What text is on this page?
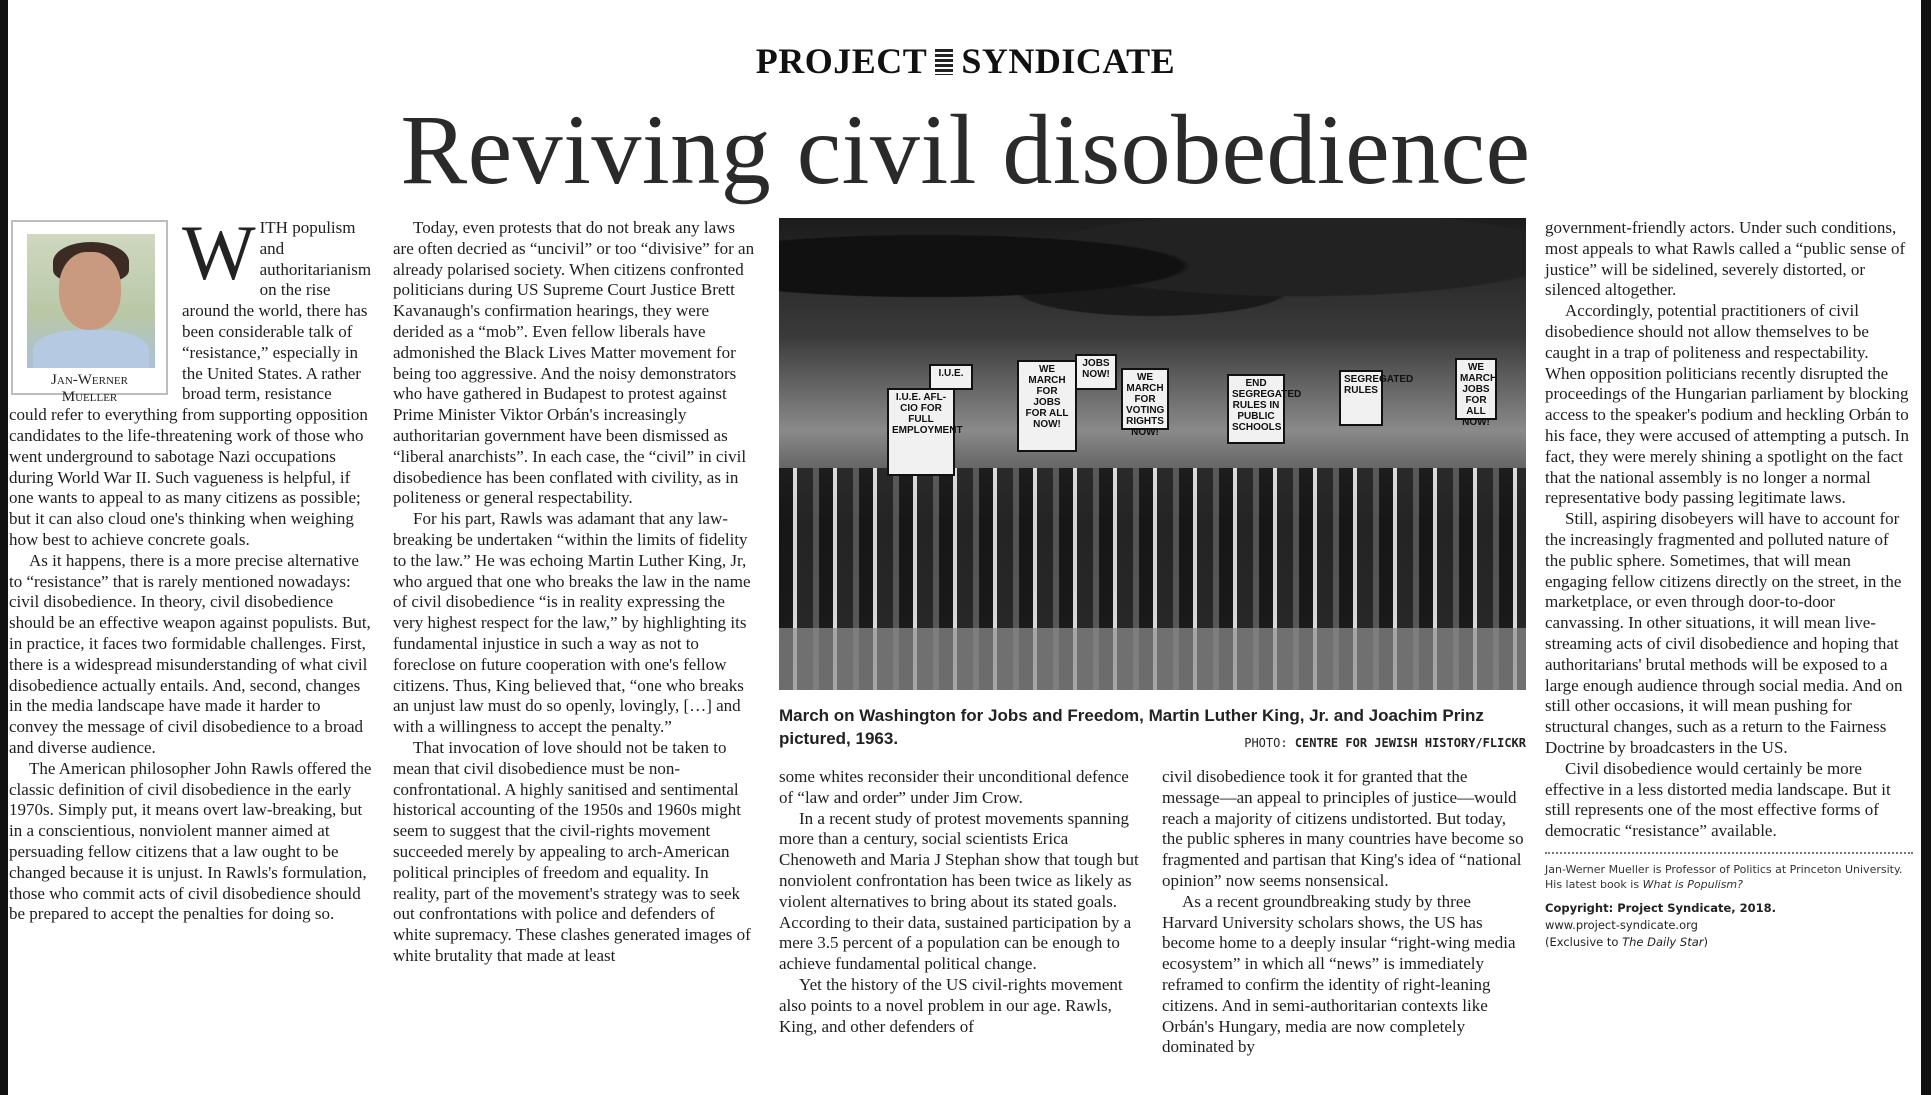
PROJECT SYNDICATE
Reviving civil disobedience
Jan-Werner
Mueller

WITH populism and authoritarianism on the rise around the world, there has been considerable talk of “resistance,” especially in the United States. A rather broad term, resistance could refer to everything from supporting opposition candidates to the life-threatening work of those who went underground to sabotage Nazi occupations during World War II. Such vagueness is helpful, if one wants to appeal to as many citizens as possible; but it can also cloud one's thinking when weighing how best to achieve concrete goals.

As it happens, there is a more precise alternative to “resistance” that is rarely mentioned nowadays: civil disobedience. In theory, civil disobedience should be an effective weapon against populists. But, in practice, it faces two formidable challenges. First, there is a widespread misunderstanding of what civil disobedience actually entails. And, second, changes in the media landscape have made it harder to convey the message of civil disobedience to a broad and diverse audience.

The American philosopher John Rawls offered the classic definition of civil disobedience in the early 1970s. Simply put, it means overt law-breaking, but in a conscientious, nonviolent manner aimed at persuading fellow citizens that a law ought to be changed because it is unjust. In Rawls's formulation, those who commit acts of civil disobedience should be prepared to accept the penalties for doing so.

Today, even protests that do not break any laws are often decried as “uncivil” or too “divisive” for an already polarised society. When citizens confronted politicians during US Supreme Court Justice Brett Kavanaugh's confirmation hearings, they were derided as a “mob”. Even fellow liberals have admonished the Black Lives Matter movement for being too aggressive. And the noisy demonstrators who have gathered in Budapest to protest against Prime Minister Viktor Orbán's increasingly authoritarian government have been dismissed as “liberal anarchists”. In each case, the “civil” in civil disobedience has been conflated with civility, as in politeness or general respectability.

For his part, Rawls was adamant that any law-breaking be undertaken “within the limits of fidelity to the law.” He was echoing Martin Luther King, Jr, who argued that one who breaks the law in the name of civil disobedience “is in reality expressing the very highest respect for the law,” by highlighting its fundamental injustice in such a way as not to foreclose on future cooperation with one's fellow citizens. Thus, King believed that, “one who breaks an unjust law must do so openly, lovingly, […] and with a willingness to accept the penalty.”

That invocation of love should not be taken to mean that civil disobedience must be non-confrontational. A highly sanitised and sentimental historical accounting of the 1950s and 1960s might seem to suggest that the civil-rights movement succeeded merely by appealing to arch-American political principles of freedom and equality. In reality, part of the movement's strategy was to seek out confrontations with police and defenders of white supremacy. These clashes generated images of white brutality that made at least

WE MARCH FOR JOBS FOR ALL NOW!
I.U.E. AFL-CIO FOR FULL EMPLOYMENT
WE MARCH JOBS FOR ALL NOW!
END SEGREGATED RULES IN PUBLIC SCHOOLS
WE MARCH FOR VOTING RIGHTS NOW!
I.U.E.
JOBS NOW!	SEGREGATED RULES
March on Washington for Jobs and Freedom, Martin Luther King, Jr. and Joachim Prinz pictured, 1963.	PHOTO: CENTRE FOR JEWISH HISTORY/FLICKR

some whites reconsider their unconditional defence of “law and order” under Jim Crow.

In a recent study of protest movements spanning more than a century, social scientists Erica Chenoweth and Maria J Stephan show that tough but nonviolent confrontation has been twice as likely as violent alternatives to bring about its stated goals. According to their data, sustained participation by a mere 3.5 percent of a population can be enough to achieve fundamental political change.

Yet the history of the US civil-rights movement also points to a novel problem in our age. Rawls, King, and other defenders of

civil disobedience took it for granted that the message—an appeal to principles of justice—would reach a majority of citizens undistorted. But today, the public spheres in many countries have become so fragmented and partisan that King's idea of “national opinion” now seems nonsensical.

As a recent groundbreaking study by three Harvard University scholars shows, the US has become home to a deeply insular “right-wing media ecosystem” in which all “news” is immediately reframed to confirm the identity of right-leaning citizens. And in semi-authoritarian contexts like Orbán's Hungary, media are now completely dominated by

government-friendly actors. Under such conditions, most appeals to what Rawls called a “public sense of justice” will be sidelined, severely distorted, or silenced altogether.

Accordingly, potential practitioners of civil disobedience should not allow themselves to be caught in a trap of politeness and respectability. When opposition politicians recently disrupted the proceedings of the Hungarian parliament by blocking access to the speaker's podium and heckling Orbán to his face, they were accused of attempting a putsch. In fact, they were merely shining a spotlight on the fact that the national assembly is no longer a normal representative body passing legitimate laws.

Still, aspiring disobeyers will have to account for the increasingly fragmented and polluted nature of the public sphere. Sometimes, that will mean engaging fellow citizens directly on the street, in the marketplace, or even through door-to-door canvassing. In other situations, it will mean live-streaming acts of civil disobedience and hoping that authoritarians' brutal methods will be exposed to a large enough audience through social media. And on still other occasions, it will mean pushing for structural changes, such as a return to the Fairness Doctrine by broadcasters in the US.

Civil disobedience would certainly be more effective in a less distorted media landscape. But it still represents one of the most effective forms of democratic “resistance” available.

Jan-Werner Mueller is Professor of Politics at Princeton University. His latest book is What is Populism?
Copyright: Project Syndicate, 2018.
www.project-syndicate.org
(Exclusive to The Daily Star)
